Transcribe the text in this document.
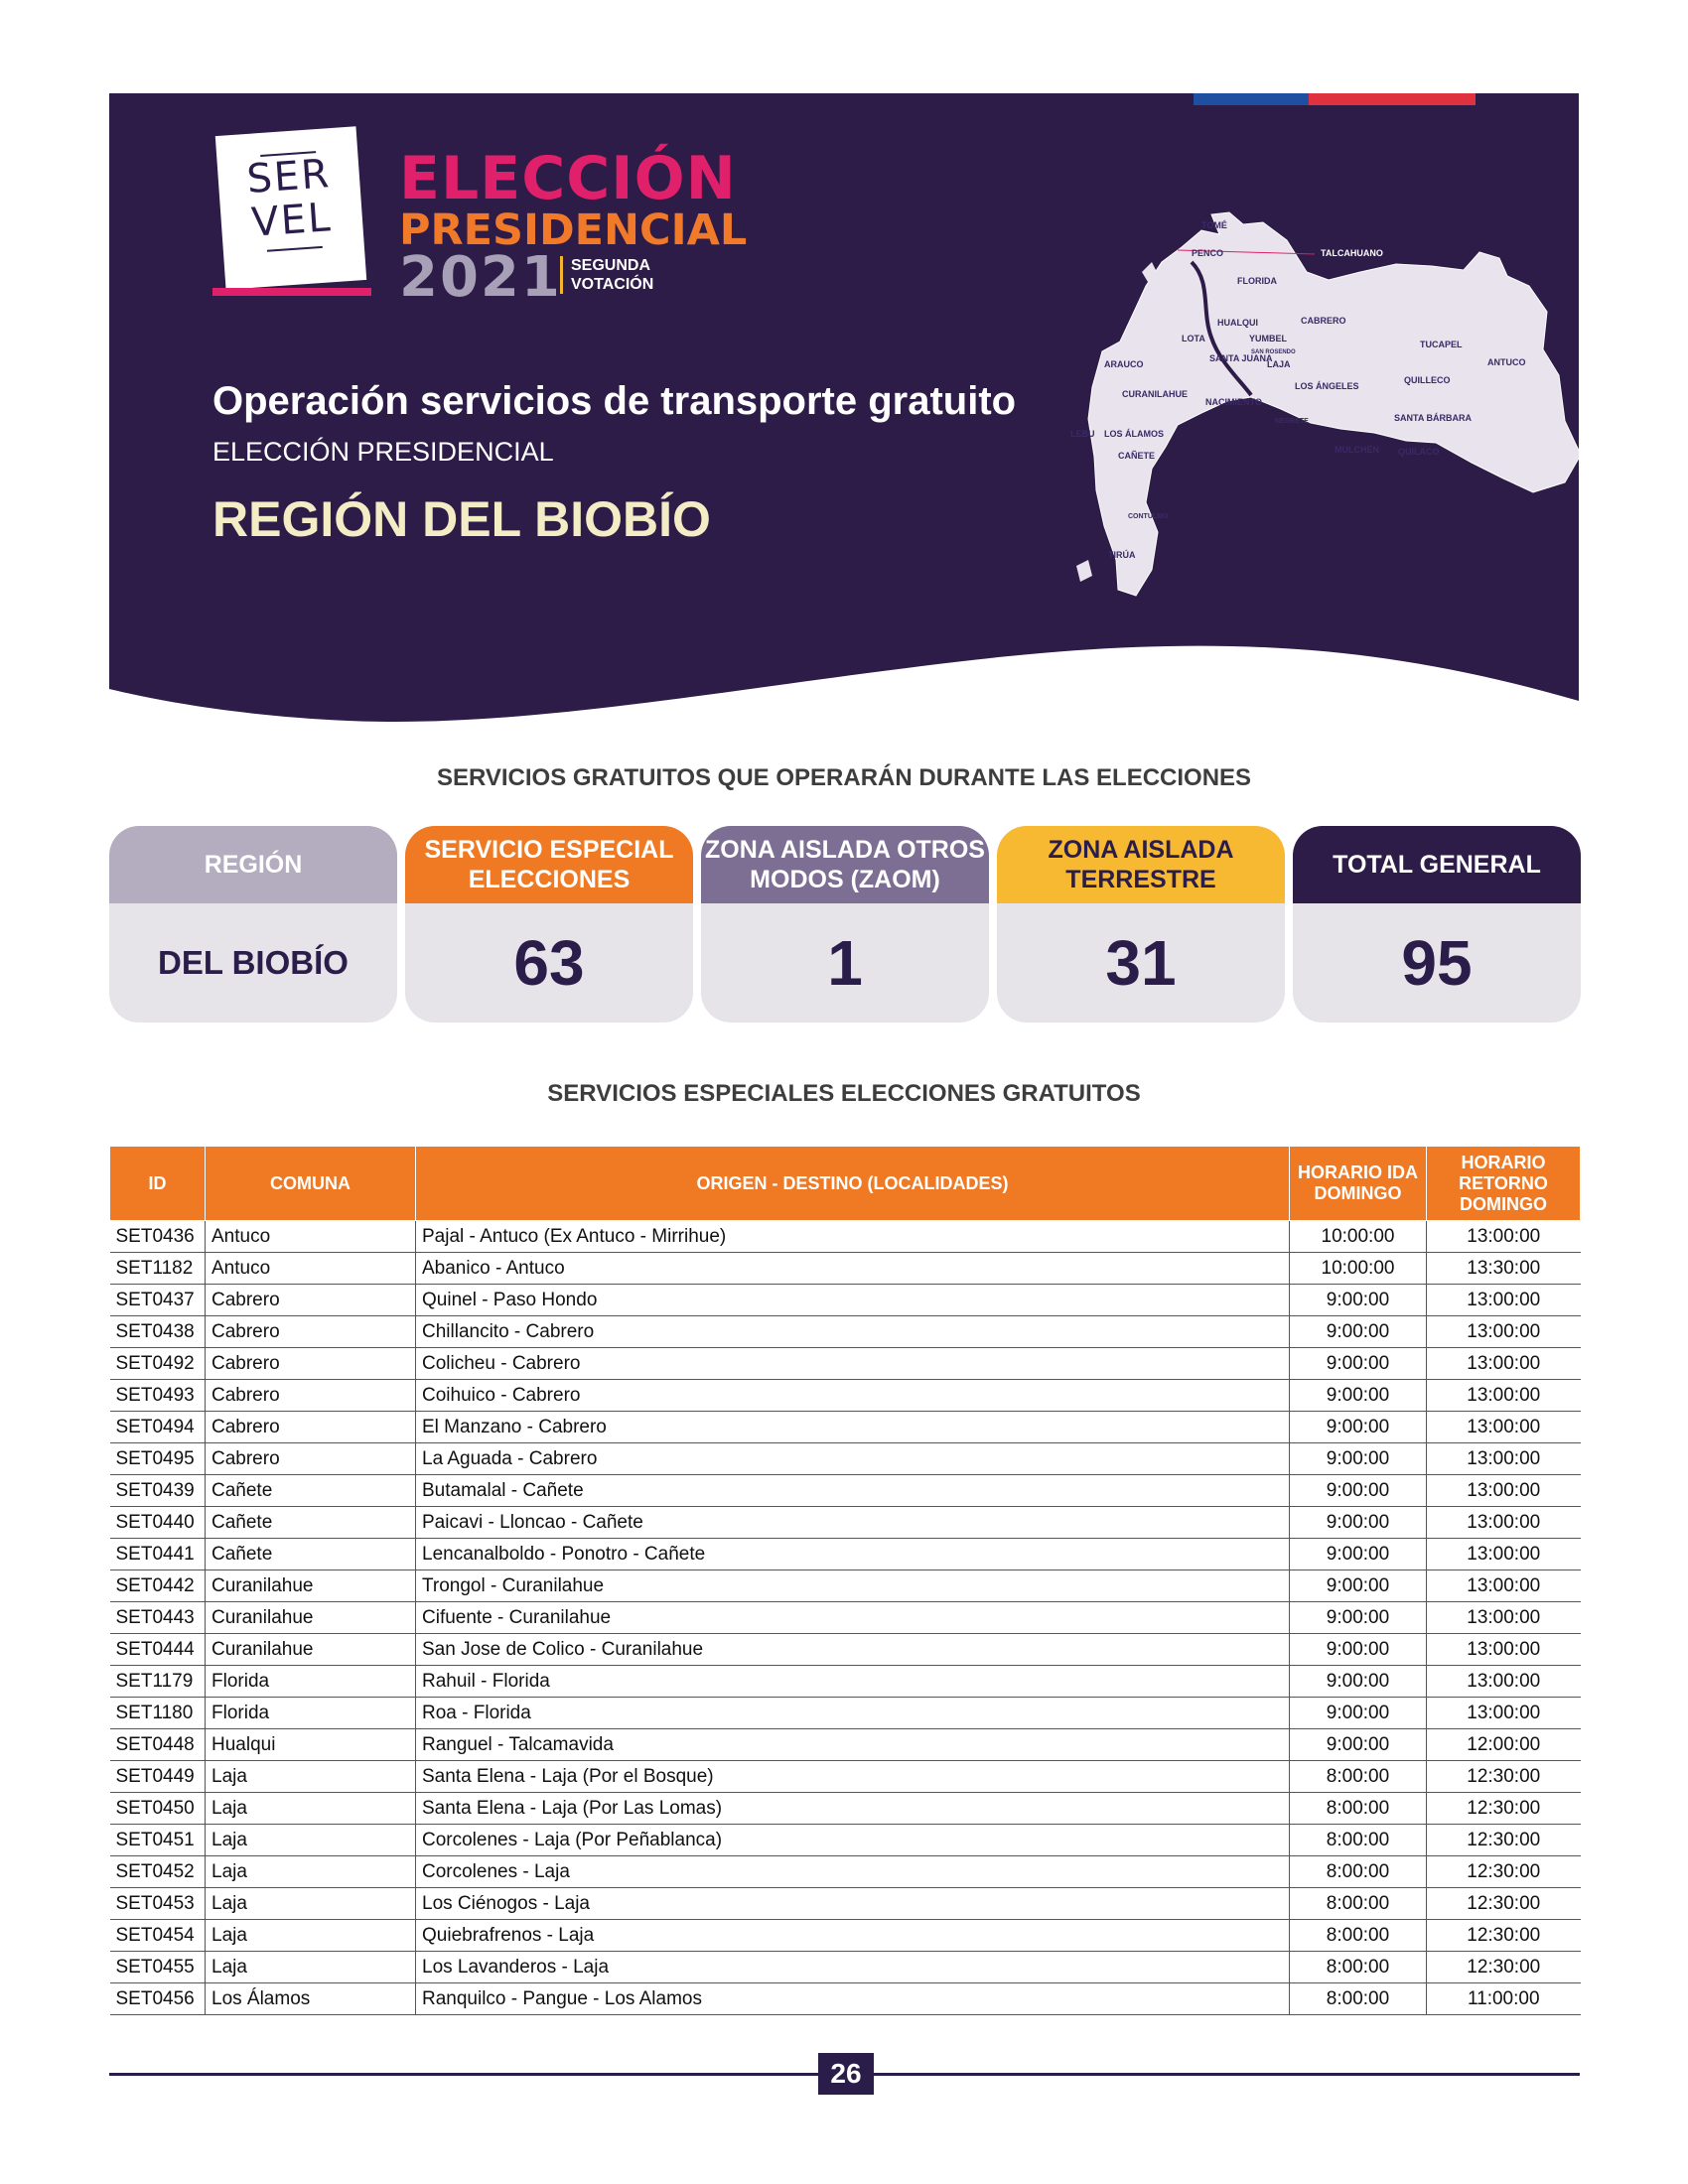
SER
VEL
ELECCIÓN
PRESIDENCIAL
2021 SEGUNDA
VOTACIÓN
Operación servicios de transporte gratuito
ELECCIÓN PRESIDENCIAL
REGIÓN DEL BIOBÍO
TOMÉ
PENCO	TALCAHUANO
FLORIDA
HUALQUI	CABRERO
YUMBEL
LOTA
SAN ROSENDO
SANTA JUANA
LAJA
TUCAPEL
ANTUCO
ARAUCO
QUILLECO
LOS ÁNGELES
CURANILAHUE
NACIMIENTO
SANTA BÁRBARA
NEGRETE
LEBU LOS ÁLAMOS
MULCHÉN QUILACO
CAÑETE
CONTULMO
TIRÚA
SERVICIOS GRATUITOS QUE OPERARÁN DURANTE LAS ELECCIONES
REGIÓN
DEL BIOBÍO
SERVICIO ESPECIAL ELECCIONES
63
ZONA AISLADA OTROS MODOS (ZAOM)
1
ZONA AISLADA TERRESTRE
31
TOTAL GENERAL
95
SERVICIOS ESPECIALES ELECCIONES GRATUITOS
ID	COMUNA	ORIGEN - DESTINO (LOCALIDADES)	HORARIO IDA DOMINGO	HORARIO RETORNO DOMINGO
SET0436	Antuco	Pajal - Antuco (Ex Antuco - Mirrihue)	10:00:00	13:00:00
SET1182	Antuco	Abanico - Antuco	10:00:00	13:30:00
SET0437	Cabrero	Quinel - Paso Hondo	9:00:00	13:00:00
SET0438	Cabrero	Chillancito - Cabrero	9:00:00	13:00:00
SET0492	Cabrero	Colicheu - Cabrero	9:00:00	13:00:00
SET0493	Cabrero	Coihuico - Cabrero	9:00:00	13:00:00
SET0494	Cabrero	El Manzano - Cabrero	9:00:00	13:00:00
SET0495	Cabrero	La Aguada - Cabrero	9:00:00	13:00:00
SET0439	Cañete	Butamalal - Cañete	9:00:00	13:00:00
SET0440	Cañete	Paicavi - Lloncao - Cañete	9:00:00	13:00:00
SET0441	Cañete	Lencanalboldo - Ponotro - Cañete	9:00:00	13:00:00
SET0442	Curanilahue	Trongol - Curanilahue	9:00:00	13:00:00
SET0443	Curanilahue	Cifuente - Curanilahue	9:00:00	13:00:00
SET0444	Curanilahue	San Jose de Colico - Curanilahue	9:00:00	13:00:00
SET1179	Florida	Rahuil - Florida	9:00:00	13:00:00
SET1180	Florida	Roa - Florida	9:00:00	13:00:00
SET0448	Hualqui	Ranguel - Talcamavida	9:00:00	12:00:00
SET0449	Laja	Santa Elena - Laja (Por el Bosque)	8:00:00	12:30:00
SET0450	Laja	Santa Elena - Laja (Por Las Lomas)	8:00:00	12:30:00
SET0451	Laja	Corcolenes - Laja (Por Peñablanca)	8:00:00	12:30:00
SET0452	Laja	Corcolenes - Laja	8:00:00	12:30:00
SET0453	Laja	Los Ciénogos - Laja	8:00:00	12:30:00
SET0454	Laja	Quiebrafrenos - Laja	8:00:00	12:30:00
SET0455	Laja	Los Lavanderos - Laja	8:00:00	12:30:00
SET0456	Los Álamos	Ranquilco - Pangue - Los Alamos	8:00:00	11:00:00
26
